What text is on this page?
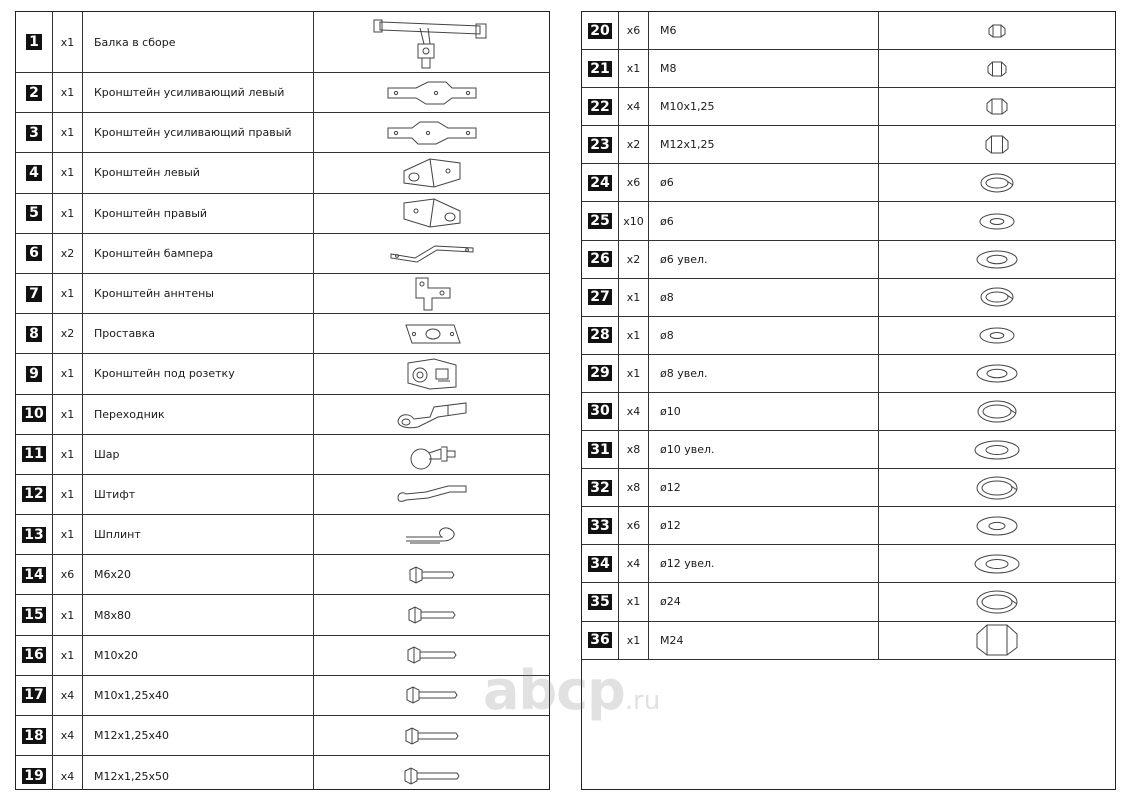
1	x1	Балка в сборе
2	x1	Кронштейн усиливающий левый
3	x1	Кронштейн усиливающий правый
4	x1	Кронштейн левый
5	x1	Кронштейн правый
6	x2	Кронштейн бампера
7	x1	Кронштейн аннтены
8	x2	Проставка
9	x1	Кронштейн под розетку
10	x1	Переходник
11	x1	Шар
12	x1	Штифт
13	x1	Шплинт
14	x6	M6x20
15	x1	M8x80
16	x1	M10x20
17	x4	M10x1,25x40
18	x4	M12x1,25x40
19	x4	M12x1,25x50
20	x6	M6
21	x1	M8
22	x4	M10x1,25
23	x2	M12x1,25
24	x6	ø6
25	x10	ø6
26	x2	ø6 увел.
27	x1	ø8
28	x1	ø8
29	x1	ø8 увел.
30	x4	ø10
31	x8	ø10 увел.
32	x8	ø12
33	x6	ø12
34	x4	ø12 увел.
35	x1	ø24
36	x1	M24
abcp.ru
